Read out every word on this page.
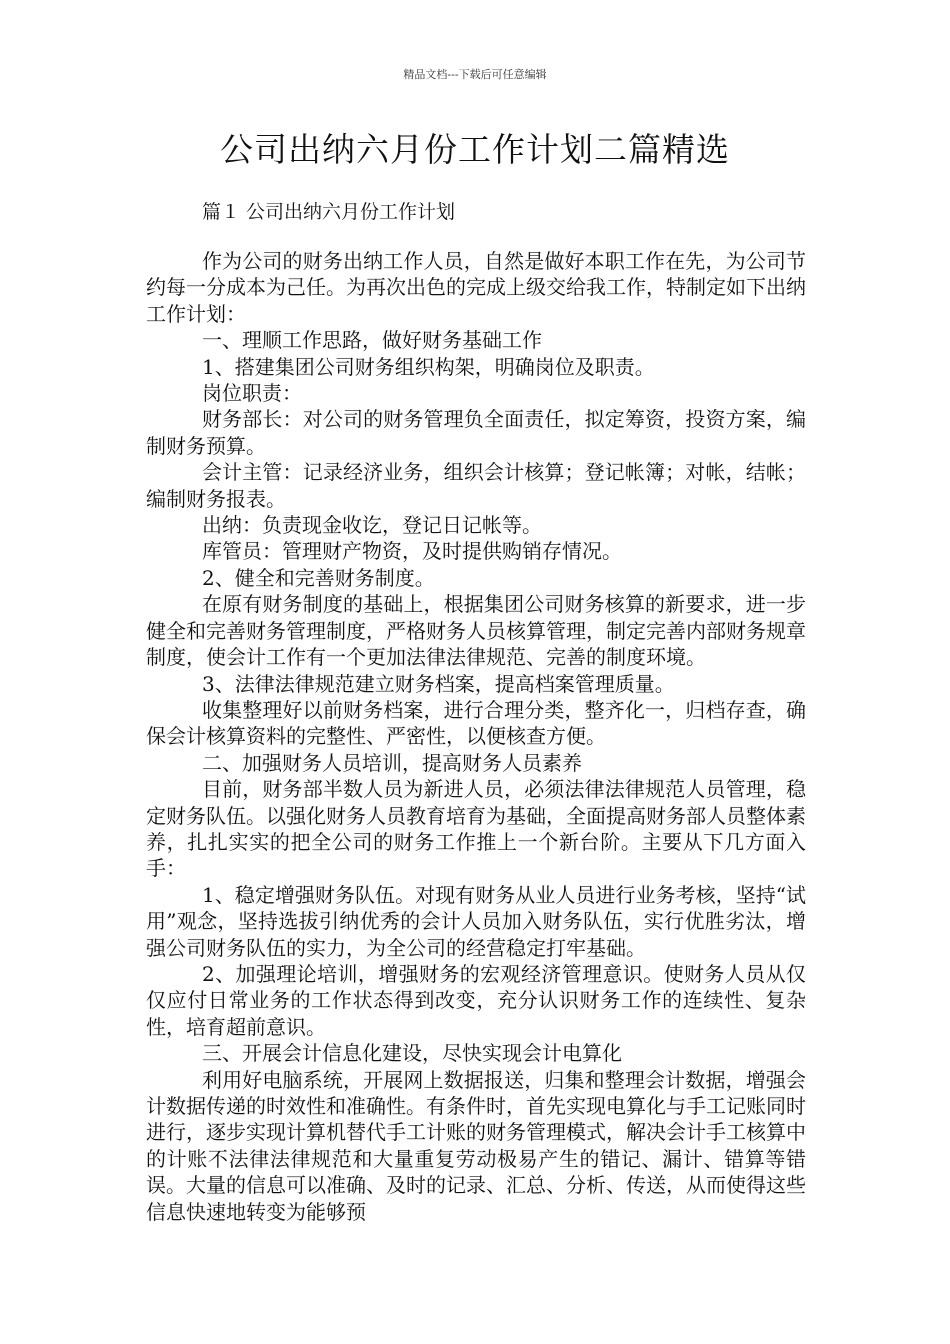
精品文档---下载后可任意编辑
公司出纳六月份工作计划二篇精选
篇１ 公司出纳六月份工作计划

作为公司的财务出纳工作人员，自然是做好本职工作在先，为公司节约每一分成本为己任。为再次出色的完成上级交给我工作，特制定如下出纳工作计划：

一、理顺工作思路，做好财务基础工作

1、搭建集团公司财务组织构架，明确岗位及职责。

岗位职责：

财务部长：对公司的财务管理负全面责任，拟定筹资，投资方案，编制财务预算。

会计主管：记录经济业务，组织会计核算；登记帐簿；对帐，结帐；编制财务报表。

出纳：负责现金收讫，登记日记帐等。

库管员：管理财产物资，及时提供购销存情况。

2、健全和完善财务制度。

在原有财务制度的基础上，根据集团公司财务核算的新要求，进一步健全和完善财务管理制度，严格财务人员核算管理，制定完善内部财务规章制度，使会计工作有一个更加法律法律规范、完善的制度环境。

3、法律法律规范建立财务档案，提高档案管理质量。

收集整理好以前财务档案，进行合理分类，整齐化一，归档存查，确保会计核算资料的完整性、严密性，以便核查方便。

二、加强财务人员培训，提高财务人员素养

目前，财务部半数人员为新进人员，必须法律法律规范人员管理，稳定财务队伍。以强化财务人员教育培育为基础，全面提高财务部人员整体素养，扎扎实实的把全公司的财务工作推上一个新台阶。主要从下几方面入手：

1、稳定增强财务队伍。对现有财务从业人员进行业务考核，坚持“试用”观念，坚持选拔引纳优秀的会计人员加入财务队伍，实行优胜劣汰，增强公司财务队伍的实力，为全公司的经营稳定打牢基础。

2、加强理论培训，增强财务的宏观经济管理意识。使财务人员从仅仅应付日常业务的工作状态得到改变，充分认识财务工作的连续性、复杂性，培育超前意识。

三、开展会计信息化建设，尽快实现会计电算化

利用好电脑系统，开展网上数据报送，归集和整理会计数据，增强会计数据传递的时效性和准确性。有条件时，首先实现电算化与手工记账同时进行，逐步实现计算机替代手工计账的财务管理模式，解决会计手工核算中的计账不法律法律规范和大量重复劳动极易产生的错记、漏计、错算等错误。大量的信息可以准确、及时的记录、汇总、分析、传送，从而使得这些信息快速地转变为能够预
